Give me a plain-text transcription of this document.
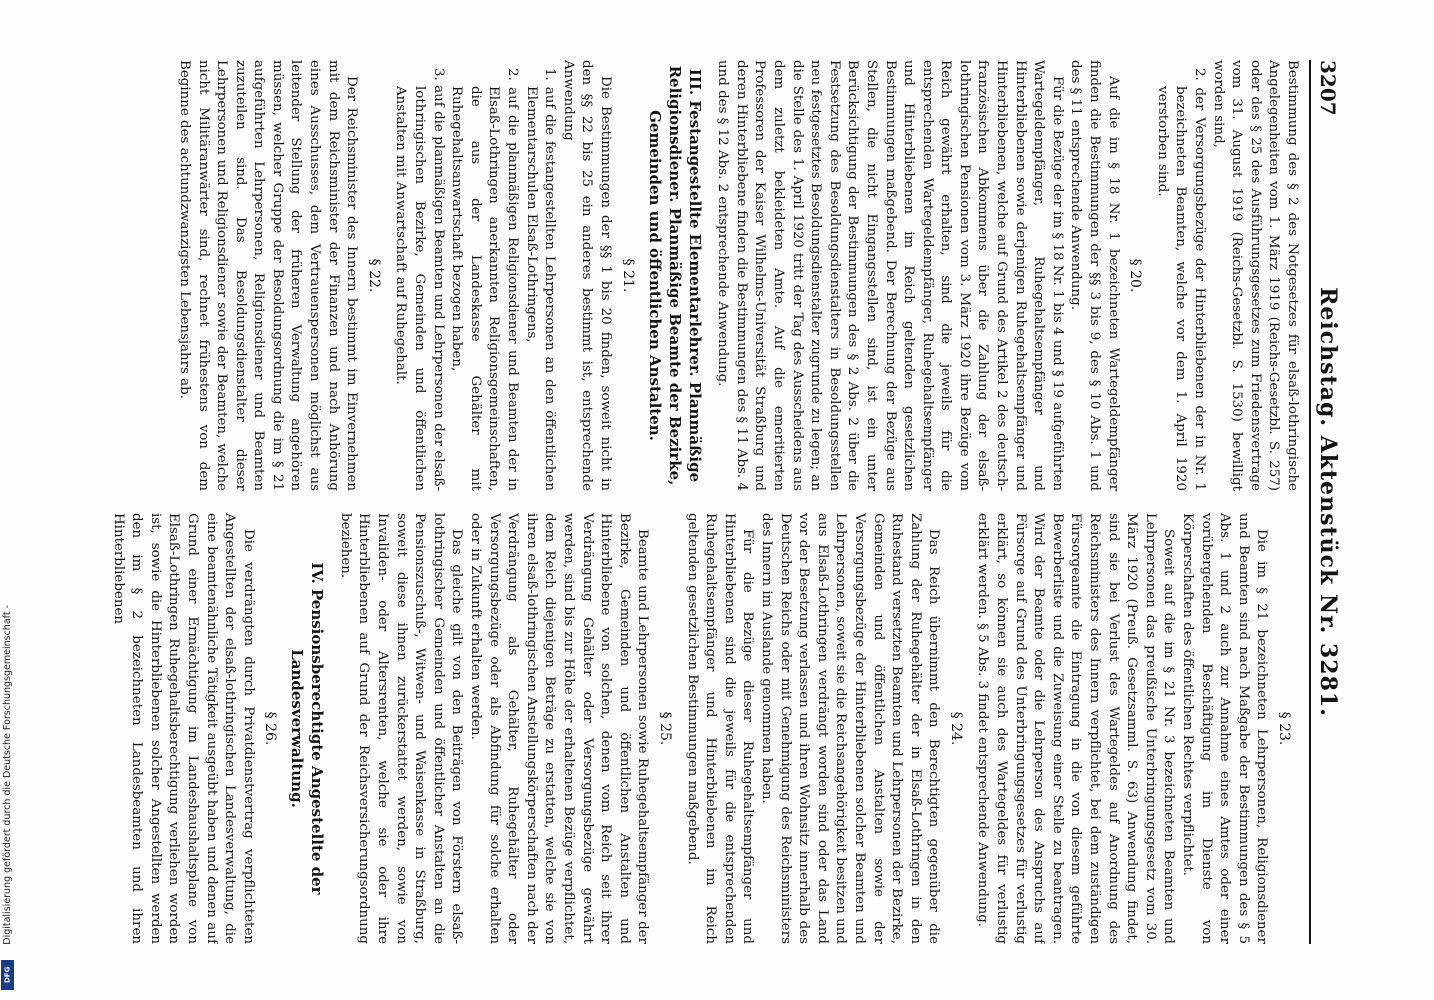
Digitalisierung gefördert durch die Deutsche Forschungsgemeinschaft -
DFG
3207
Reichstag. Aktenstück Nr. 3281.

Bestimmung des § 2 des Notgesetzes für elsaß-lothringische Angelegenheiten vom 1. März 1919 (Reichs-Gesetzbl. S. 257) oder des § 25 des Ausführungsgesetzes zum Friedensvertrage vom 31. August 1919 (Reichs-Gesetzbl. S. 1530) bewilligt worden sind,

2. der Versorgungsbezüge der Hinterbliebenen der in Nr. 1 bezeichneten Beamten, welche vor dem 1. April 1920 verstorben sind.

§ 20.

Auf die im § 18 Nr. 1 bezeichneten Wartegeldempfänger finden die Bestimmungen der §§ 3 bis 9, des § 10 Abs. 1 und des § 11 entsprechende Anwendung.

Für die Bezüge der im § 18 Nr. 1 bis 4 und § 19 aufgeführten Wartegeldempfänger, Ruhegehaltsempfänger und Hinterbliebenen sowie derjenigen Ruhegehaltsempfänger und Hinterbliebenen, welche auf Grund des Artikel 2 des deutsch-französischen Abkommens über die Zahlung der elsaß-lothringischen Pensionen vom 3. März 1920 ihre Bezüge vom Reich gewährt erhalten, sind die jeweils für die entsprechenden Wartegeldempfänger, Ruhegehaltsempfänger und Hinterbliebenen im Reich geltenden gesetzlichen Bestimmungen maßgebend. Der Berechnung der Bezüge aus Stellen, die nicht Eingangsstellen sind, ist ein unter Berücksichtigung der Bestimmungen des § 2 Abs. 2 über die Festsetzung des Besoldungsdienstalters in Besoldungsstellen neu festgesetztes Besoldungsdienstalter zugrunde zu legen; an die Stelle des 1. April 1920 tritt der Tag des Ausscheidens aus dem zuletzt bekleideten Amte. Auf die emeritierten Professoren der Kaiser Wilhelms-Universität Straßburg und deren Hinterbliebene finden die Bestimmungen des § 11 Abs. 4 und des § 12 Abs. 2 entsprechende Anwendung.

III. Festangestellte Elementarlehrer. Planmäßige Religionsdiener. Planmäßige Beamte der Bezirke, Gemeinden und öffentlichen Anstalten.
§ 21.

Die Bestimmungen der §§ 1 bis 20 finden, soweit nicht in den §§ 22 bis 25 ein anderes bestimmt ist, entsprechende Anwendung

1. auf die festangestellten Lehrpersonen an den öffentlichen Elementarschulen Elsaß-Lothringens,

2. auf die planmäßigen Religionsdiener und Beamten der in Elsaß-Lothringen anerkannten Religionsgemeinschaften, die aus der Landeskasse Gehälter mit Ruhegehaltsanwartschaft bezogen haben,

3. auf die planmäßigen Beamten und Lehrpersonen der elsaß-lothringischen Bezirke, Gemeinden und öffentlichen Anstalten mit Anwartschaft auf Ruhegehalt.

§ 22.

Der Reichsminister des Innern bestimmt im Einvernehmen mit dem Reichsminister der Finanzen und nach Anhörung eines Ausschusses, dem Vertrauenspersonen möglichst aus leitender Stellung der früheren Verwaltung angehören müssen, welcher Gruppe der Besoldungsordnung die im § 21 aufgeführten Lehrpersonen, Religionsdiener und Beamten zuzuteilen sind. Das Besoldungsdienstalter dieser Lehrpersonen und Religionsdiener sowie der Beamten, welche nicht Militäranwärter sind, rechnet frühestens von dem Beginne des achtundzwanzigsten Lebensjahrs ab.

§ 23.

Die im § 21 bezeichneten Lehrpersonen, Religionsdiener und Beamten sind nach Maßgabe der Bestimmungen des § 5 Abs. 1 und 2 auch zur Annahme eines Amtes oder einer vorübergehenden Beschäftigung im Dienste von Körperschaften des öffentlichen Rechtes verpflichtet.

Soweit auf die im § 21 Nr. 3 bezeichneten Beamten und Lehrpersonen das preußische Unterbringungsgesetz vom 30. März 1920 (Preuß. Gesetzsamml. S. 63) Anwendung findet, sind sie bei Verlust des Wartegeldes auf Anordnung des Reichsministers des Innern verpflichtet, bei dem zuständigen Fürsorgeamte die Eintragung in die von diesem geführte Bewerberliste und die Zuweisung einer Stelle zu beantragen. Wird der Beamte oder die Lehrperson des Anspruchs auf Fürsorge auf Grund des Unterbringungsgesetzes für verlustig erklärt, so können sie auch des Wartegeldes für verlustig erklärt werden. § 5 Abs. 3 findet entsprechende Anwendung.

§ 24.

Das Reich übernimmt den Berechtigten gegenüber die Zahlung der Ruhegehälter der in Elsaß-Lothringen in den Ruhestand versetzten Beamten und Lehrpersonen der Bezirke, Gemeinden und öffentlichen Anstalten sowie der Versorgungsbezüge der Hinterbliebenen solcher Beamten und Lehrpersonen, soweit sie die Reichsangehörigkeit besitzen und aus Elsaß-Lothringen verdrängt worden sind oder das Land vor der Besetzung verlassen und ihren Wohnsitz innerhalb des Deutschen Reichs oder mit Genehmigung des Reichsministers des Innern im Auslande genommen haben.

Für die Bezüge dieser Ruhegehaltsempfänger und Hinterbliebenen sind die jeweils für die entsprechenden Ruhegehaltsempfänger und Hinterbliebenen im Reich geltenden gesetzlichen Bestimmungen maßgebend.

§ 25.

Beamte und Lehrpersonen sowie Ruhegehaltsempfänger der Bezirke, Gemeinden und öffentlichen Anstalten und Hinterbliebene von solchen, denen vom Reich seit ihrer Verdrängung Gehälter oder Versorgungsbezüge gewährt werden, sind bis zur Höhe der erhaltenen Bezüge verpflichtet, dem Reich diejenigen Beträge zu erstatten, welche sie von ihren elsaß-lothringischen Anstellungskörperschaften nach der Verdrängung als Gehälter, Ruhegehälter oder Versorgungsbezüge oder als Abfindung für solche erhalten oder in Zukunft erhalten werden.

Das gleiche gilt von den Beiträgen von Förstern elsaß-lothringischer Gemeinden und öffentlicher Anstalten an die Pensionszuschuß-, Witwen- und Waisenkasse in Straßburg, soweit diese ihnen zurückerstattet werden, sowie von Invaliden- oder Altersrenten, welche sie oder ihre Hinterbliebenen auf Grund der Reichsversicherungsordnung beziehen.

IV. Pensionsberechtigte Angestellte der Landesverwaltung.
§ 26.

Die verdrängten durch Privatdienstvertrag verpflichteten Angestellten der elsaß-lothringischen Landesverwaltung, die eine beamtenähnliche Tätigkeit ausgeübt haben und denen auf Grund einer Ermächtigung im Landeshaushaltsplane von Elsaß-Lothringen Ruhegehaltsberechtigung verliehen worden ist, sowie die Hinterbliebenen solcher Angestellten werden den im § 2 bezeichneten Landesbeamten und ihren Hinterbliebenen
